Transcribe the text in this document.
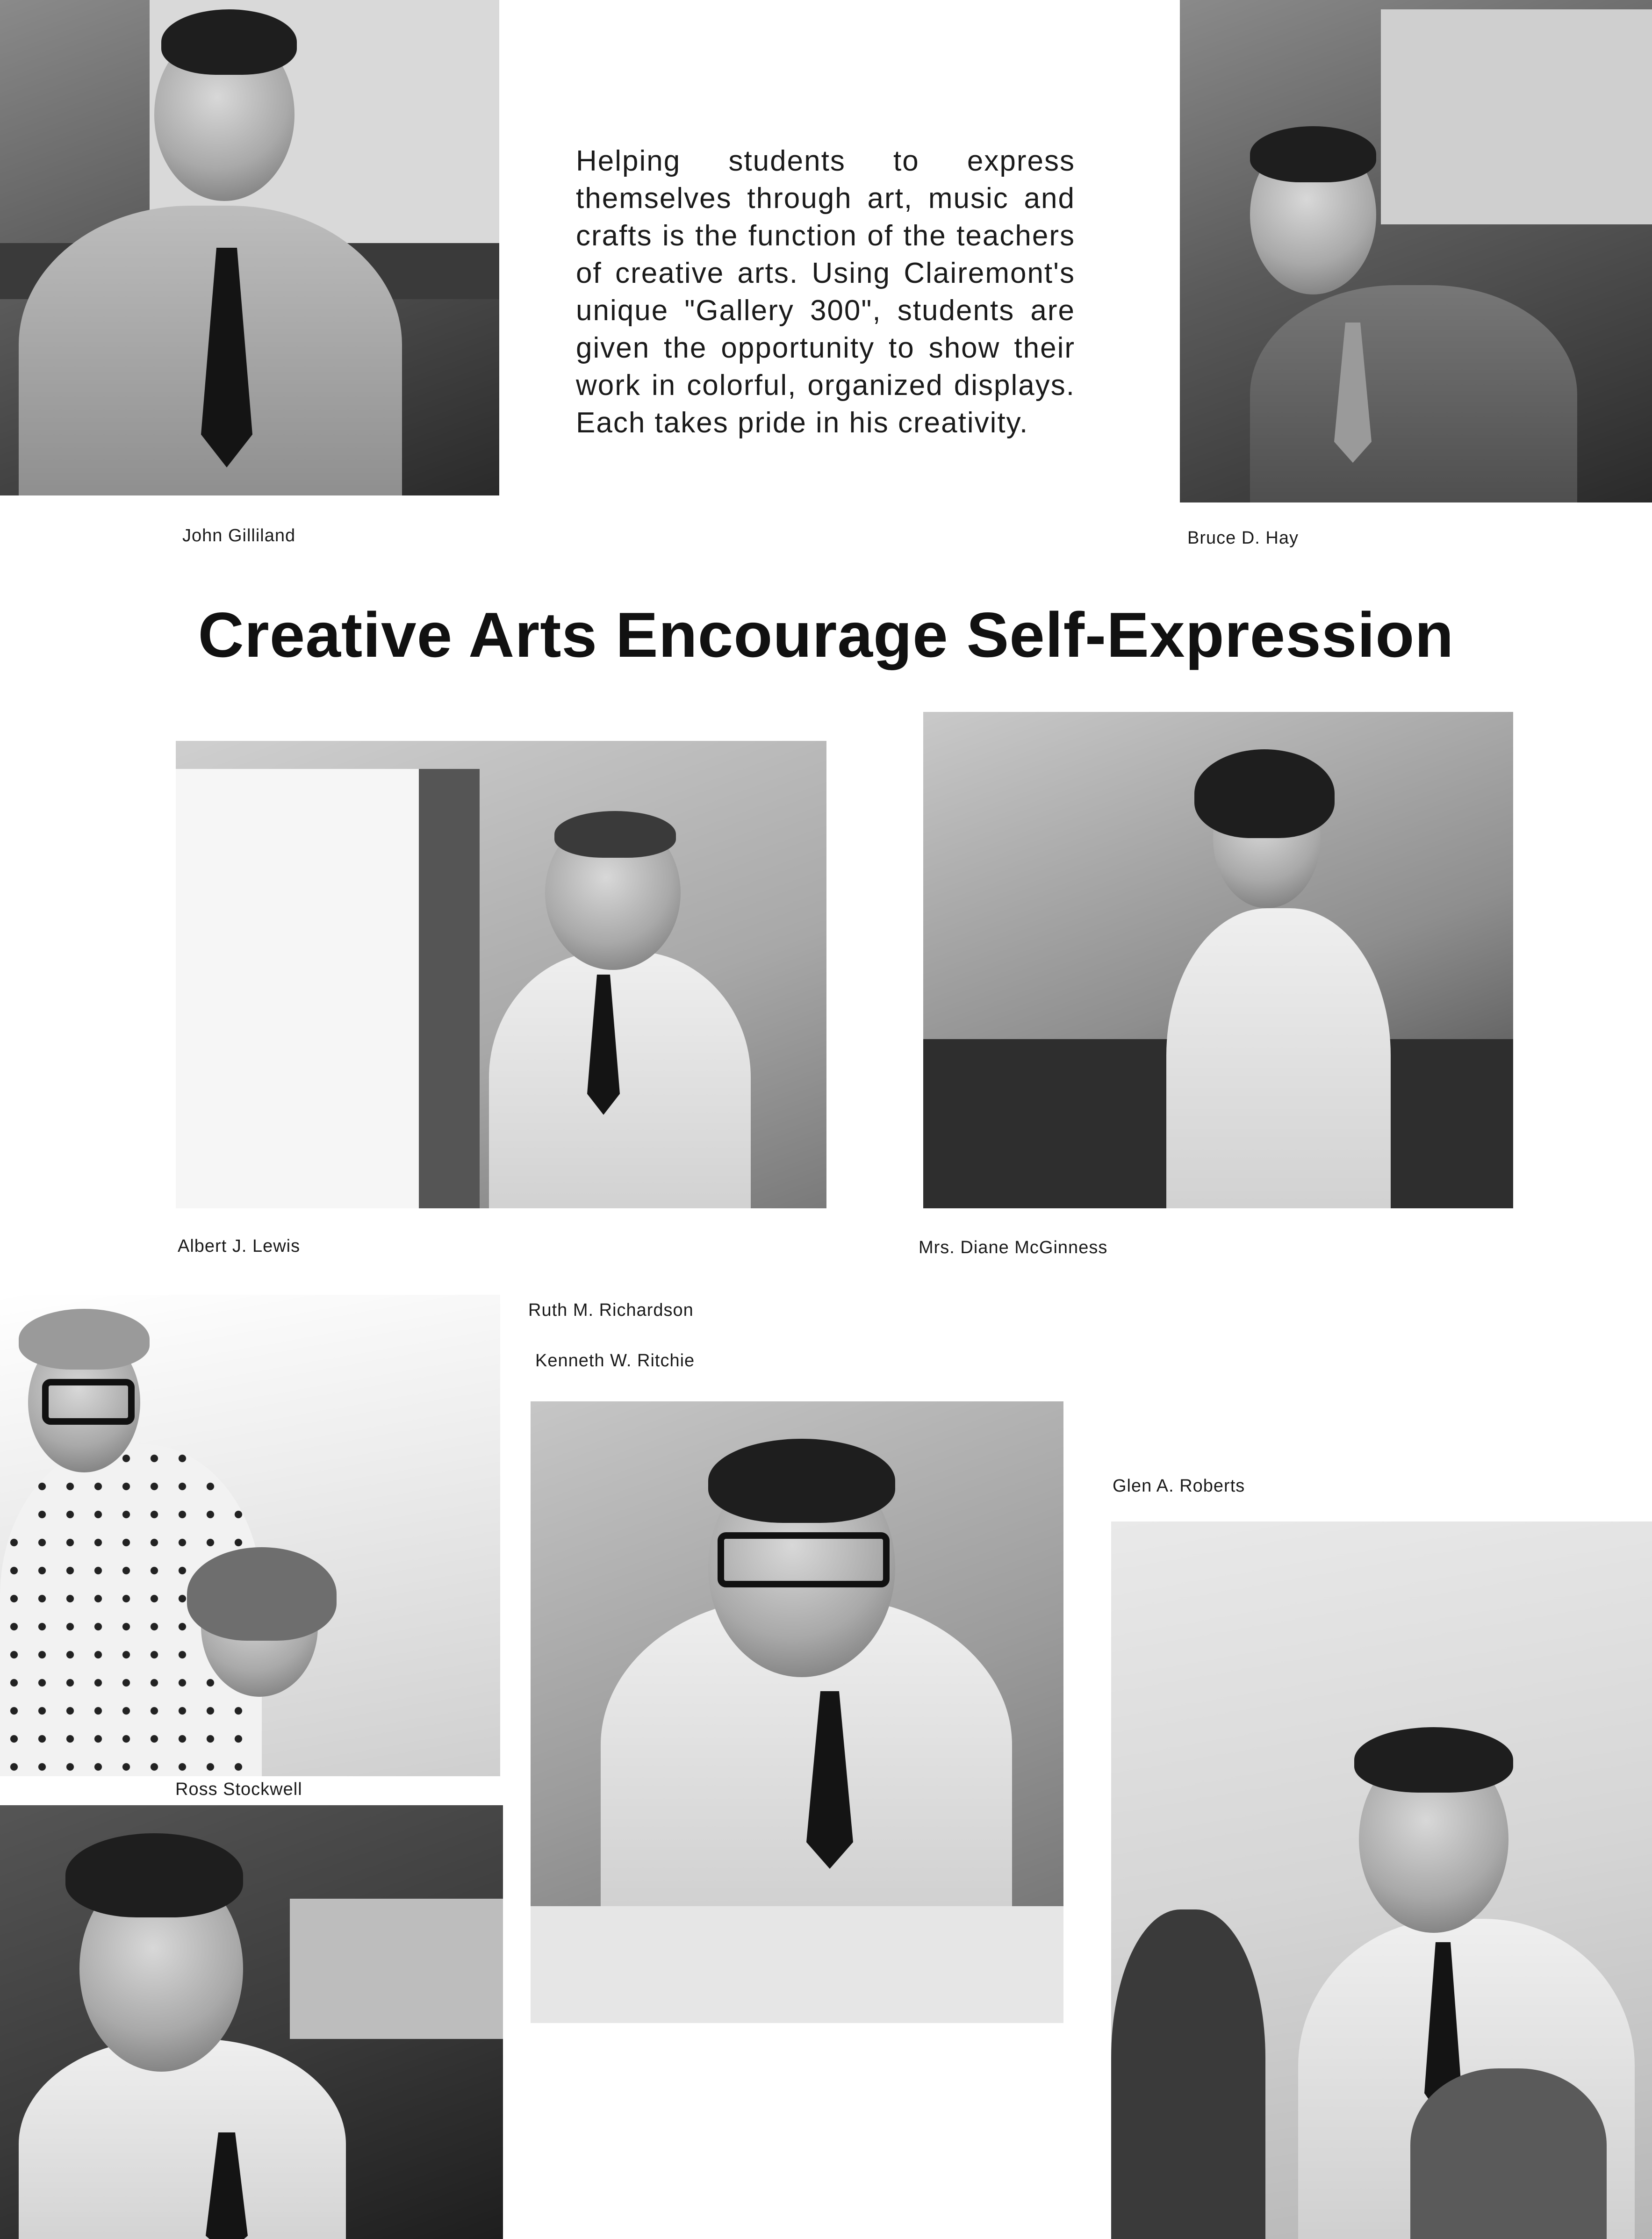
John Gilliland
Helping students to express themselves through art, music and crafts is the function of the teachers of creative arts. Using Clairemont's unique "Gallery 300", students are given the opportunity to show their work in colorful, organized displays. Each takes pride in his creativity.
Bruce D. Hay
Creative Arts Encourage Self-Expression
Albert J. Lewis	Mrs. Diane McGinness
Ruth M. Richardson
Kenneth W. Ritchie
Glen A. Roberts
Ross Stockwell
